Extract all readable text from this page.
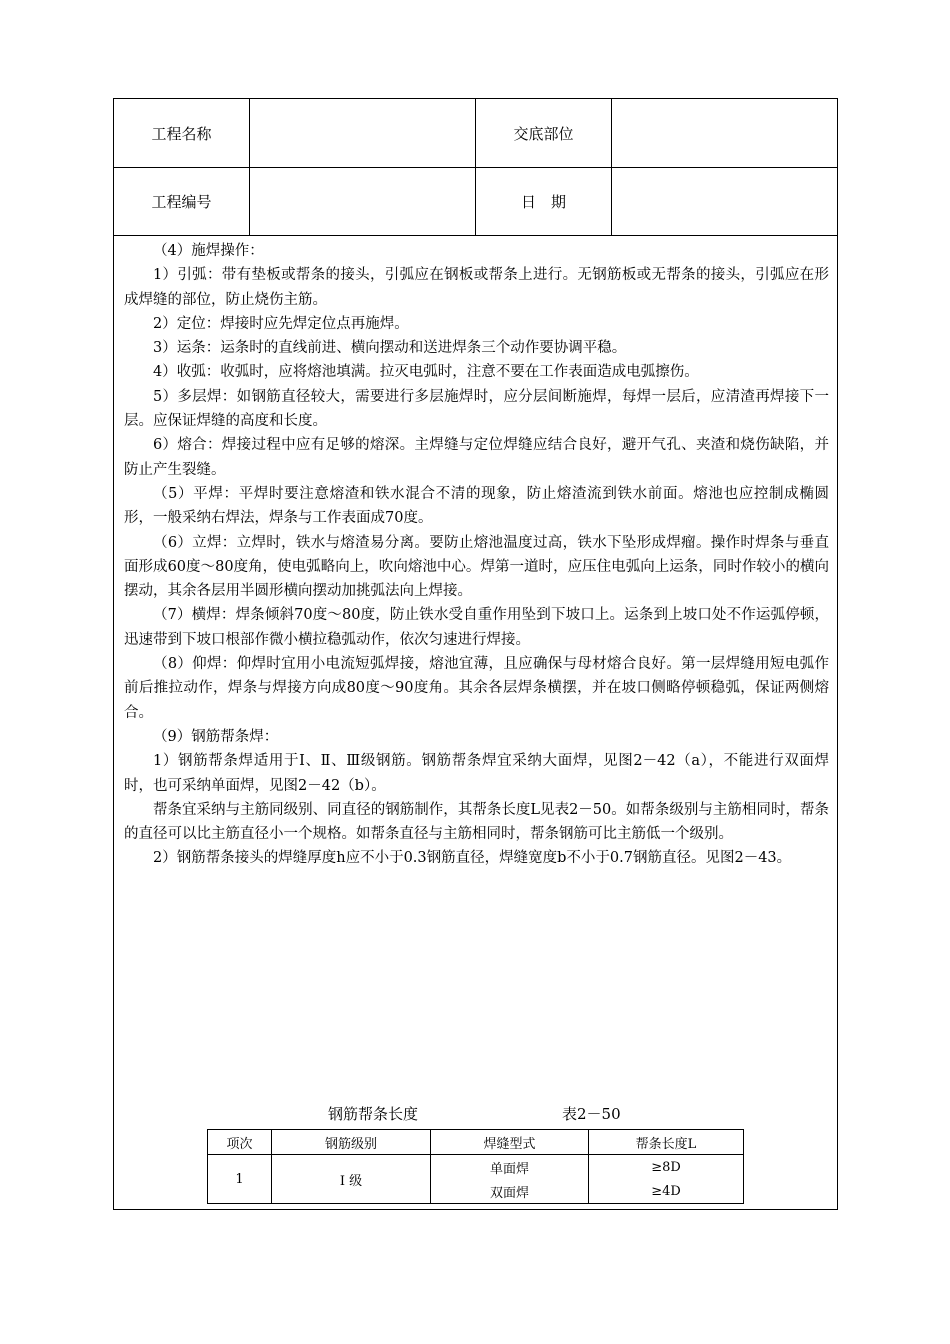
工程名称	交底部位
工程编号	日　期

（4）施焊操作：

1）引弧：带有垫板或帮条的接头，引弧应在钢板或帮条上进行。无钢筋板或无帮条的接头，引弧应在形成焊缝的部位，防止烧伤主筋。

2）定位：焊接时应先焊定位点再施焊。

3）运条：运条时的直线前进、横向摆动和送进焊条三个动作要协调平稳。

4）收弧：收弧时，应将熔池填满。拉灭电弧时，注意不要在工作表面造成电弧擦伤。

5）多层焊：如钢筋直径较大，需要进行多层施焊时，应分层间断施焊，每焊一层后，应清渣再焊接下一层。应保证焊缝的高度和长度。

6）熔合：焊接过程中应有足够的熔深。主焊缝与定位焊缝应结合良好，避开气孔、夹渣和烧伤缺陷，并防止产生裂缝。

（5）平焊：平焊时要注意熔渣和铁水混合不清的现象，防止熔渣流到铁水前面。熔池也应控制成椭圆形，一般采纳右焊法，焊条与工作表面成70度。

（6）立焊：立焊时，铁水与熔渣易分离。要防止熔池温度过高，铁水下坠形成焊瘤。操作时焊条与垂直面形成60度～80度角，使电弧略向上，吹向熔池中心。焊第一道时，应压住电弧向上运条，同时作较小的横向摆动，其余各层用半圆形横向摆动加挑弧法向上焊接。

（7）横焊：焊条倾斜70度～80度，防止铁水受自重作用坠到下坡口上。运条到上坡口处不作运弧停顿，迅速带到下坡口根部作微小横拉稳弧动作，依次匀速进行焊接。

（8）仰焊：仰焊时宜用小电流短弧焊接，熔池宜薄，且应确保与母材熔合良好。第一层焊缝用短电弧作前后推拉动作，焊条与焊接方向成80度～90度角。其余各层焊条横摆，并在坡口侧略停顿稳弧，保证两侧熔合。

（9）钢筋帮条焊：

1）钢筋帮条焊适用于Ⅰ、Ⅱ、Ⅲ级钢筋。钢筋帮条焊宜采纳大面焊，见图2－42（a），不能进行双面焊时，也可采纳单面焊，见图2－42（b）。

帮条宜采纳与主筋同级别、同直径的钢筋制作，其帮条长度L见表2－50。如帮条级别与主筋相同时，帮条的直径可以比主筋直径小一个规格。如帮条直径与主筋相同时，帮条钢筋可比主筋低一个级别。

2）钢筋帮条接头的焊缝厚度h应不小于0.3钢筋直径，焊缝宽度b不小于0.7钢筋直径。见图2－43。

钢筋帮条长度	表2－50
项次	钢筋级别	焊缝型式	帮条长度L
1	Ⅰ 级	单面焊	≥8D
		双面焊	≥4D
